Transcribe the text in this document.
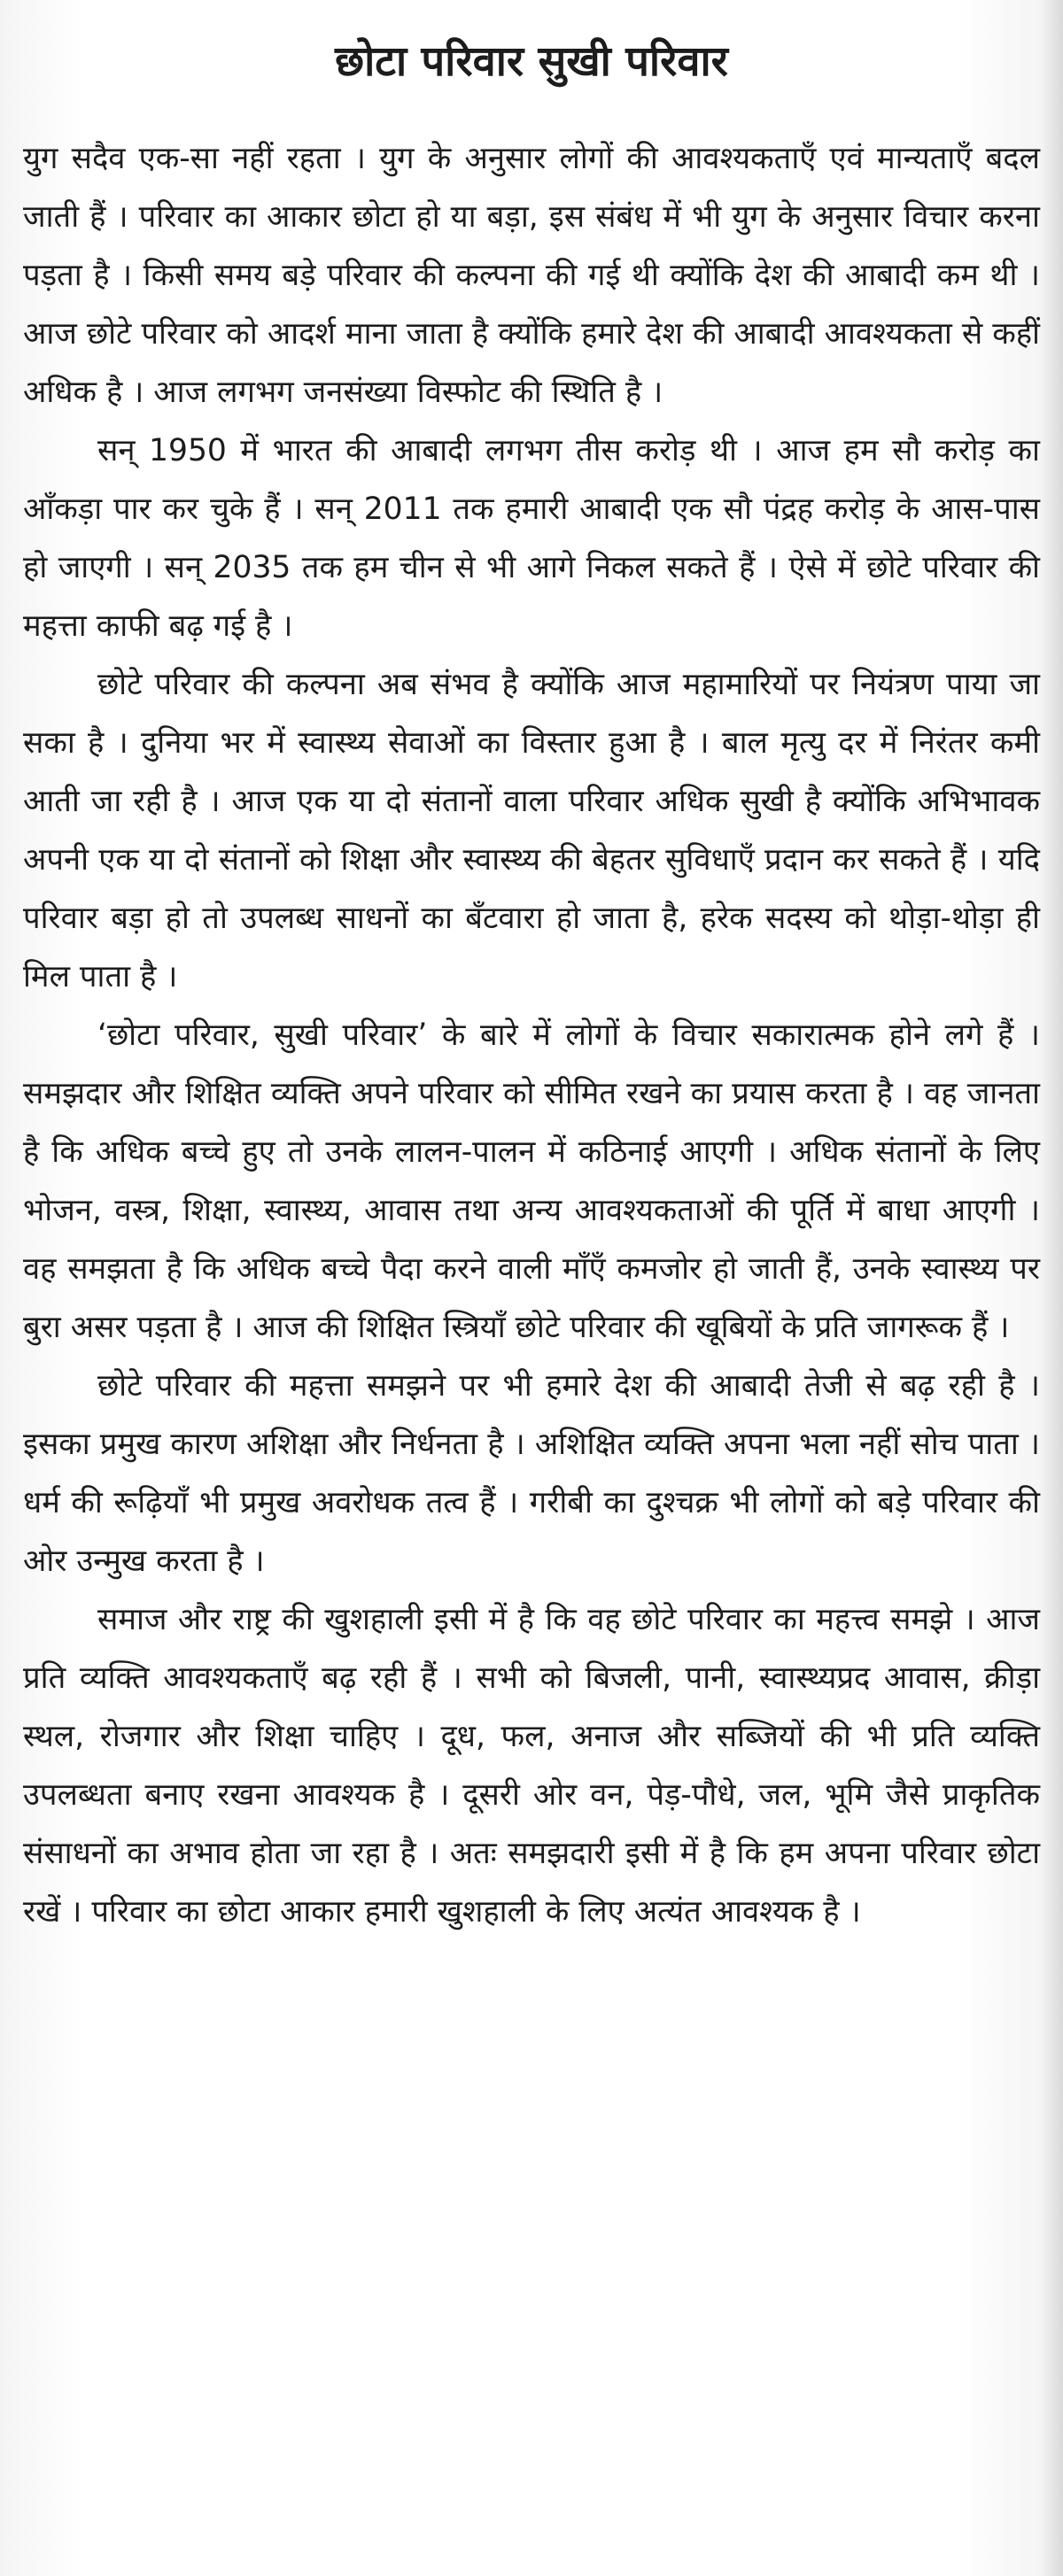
छोटा परिवार सुखी परिवार

युग सदैव एक-सा नहीं रहता । युग के अनुसार लोगों की आवश्यकताएँ एवं मान्यताएँ बदल जाती हैं । परिवार का आकार छोटा हो या बड़ा, इस संबंध में भी युग के अनुसार विचार करना पड़ता है । किसी समय बड़े परिवार की कल्पना की गई थी क्योंकि देश की आबादी कम थी । आज छोटे परिवार को आदर्श माना जाता है क्योंकि हमारे देश की आबादी आवश्यकता से कहीं अधिक है । आज लगभग जनसंख्या विस्फोट की स्थिति है ।

सन् 1950 में भारत की आबादी लगभग तीस करोड़ थी । आज हम सौ करोड़ का आँकड़ा पार कर चुके हैं । सन् 2011 तक हमारी आबादी एक सौ पंद्रह करोड़ के आस-पास हो जाएगी । सन् 2035 तक हम चीन से भी आगे निकल सकते हैं । ऐसे में छोटे परिवार की महत्ता काफी बढ़ गई है ।

छोटे परिवार की कल्पना अब संभव है क्योंकि आज महामारियों पर नियंत्रण पाया जा सका है । दुनिया भर में स्वास्थ्य सेवाओं का विस्तार हुआ है । बाल मृत्यु दर में निरंतर कमी आती जा रही है । आज एक या दो संतानों वाला परिवार अधिक सुखी है क्योंकि अभिभावक अपनी एक या दो संतानों को शिक्षा और स्वास्थ्य की बेहतर सुविधाएँ प्रदान कर सकते हैं । यदि परिवार बड़ा हो तो उपलब्ध साधनों का बँटवारा हो जाता है, हरेक सदस्य को थोड़ा-थोड़ा ही मिल पाता है ।

‘छोटा परिवार, सुखी परिवार’ के बारे में लोगों के विचार सकारात्मक होने लगे हैं । समझदार और शिक्षित व्यक्ति अपने परिवार को सीमित रखने का प्रयास करता है । वह जानता है कि अधिक बच्चे हुए तो उनके लालन-पालन में कठिनाई आएगी । अधिक संतानों के लिए भोजन, वस्त्र, शिक्षा, स्वास्थ्य, आवास तथा अन्य आवश्यकताओं की पूर्ति में बाधा आएगी । वह समझता है कि अधिक बच्चे पैदा करने वाली माँएँ कमजोर हो जाती हैं, उनके स्वास्थ्य पर बुरा असर पड़ता है । आज की शिक्षित स्त्रियाँ छोटे परिवार की खूबियों के प्रति जागरूक हैं ।

छोटे परिवार की महत्ता समझने पर भी हमारे देश की आबादी तेजी से बढ़ रही है । इसका प्रमुख कारण अशिक्षा और निर्धनता है । अशिक्षित व्यक्ति अपना भला नहीं सोच पाता । धर्म की रूढ़ियाँ भी प्रमुख अवरोधक तत्व हैं । गरीबी का दुश्चक्र भी लोगों को बड़े परिवार की ओर उन्मुख करता है ।

समाज और राष्ट्र की खुशहाली इसी में है कि वह छोटे परिवार का महत्त्व समझे । आज प्रति व्यक्ति आवश्यकताएँ बढ़ रही हैं । सभी को बिजली, पानी, स्वास्थ्यप्रद आवास, क्रीड़ा स्थल, रोजगार और शिक्षा चाहिए । दूध, फल, अनाज और सब्जियों की भी प्रति व्यक्ति उपलब्धता बनाए रखना आवश्यक है । दूसरी ओर वन, पेड़-पौधे, जल, भूमि जैसे प्राकृतिक संसाधनों का अभाव होता जा रहा है । अतः समझदारी इसी में है कि हम अपना परिवार छोटा रखें । परिवार का छोटा आकार हमारी खुशहाली के लिए अत्यंत आवश्यक है ।
